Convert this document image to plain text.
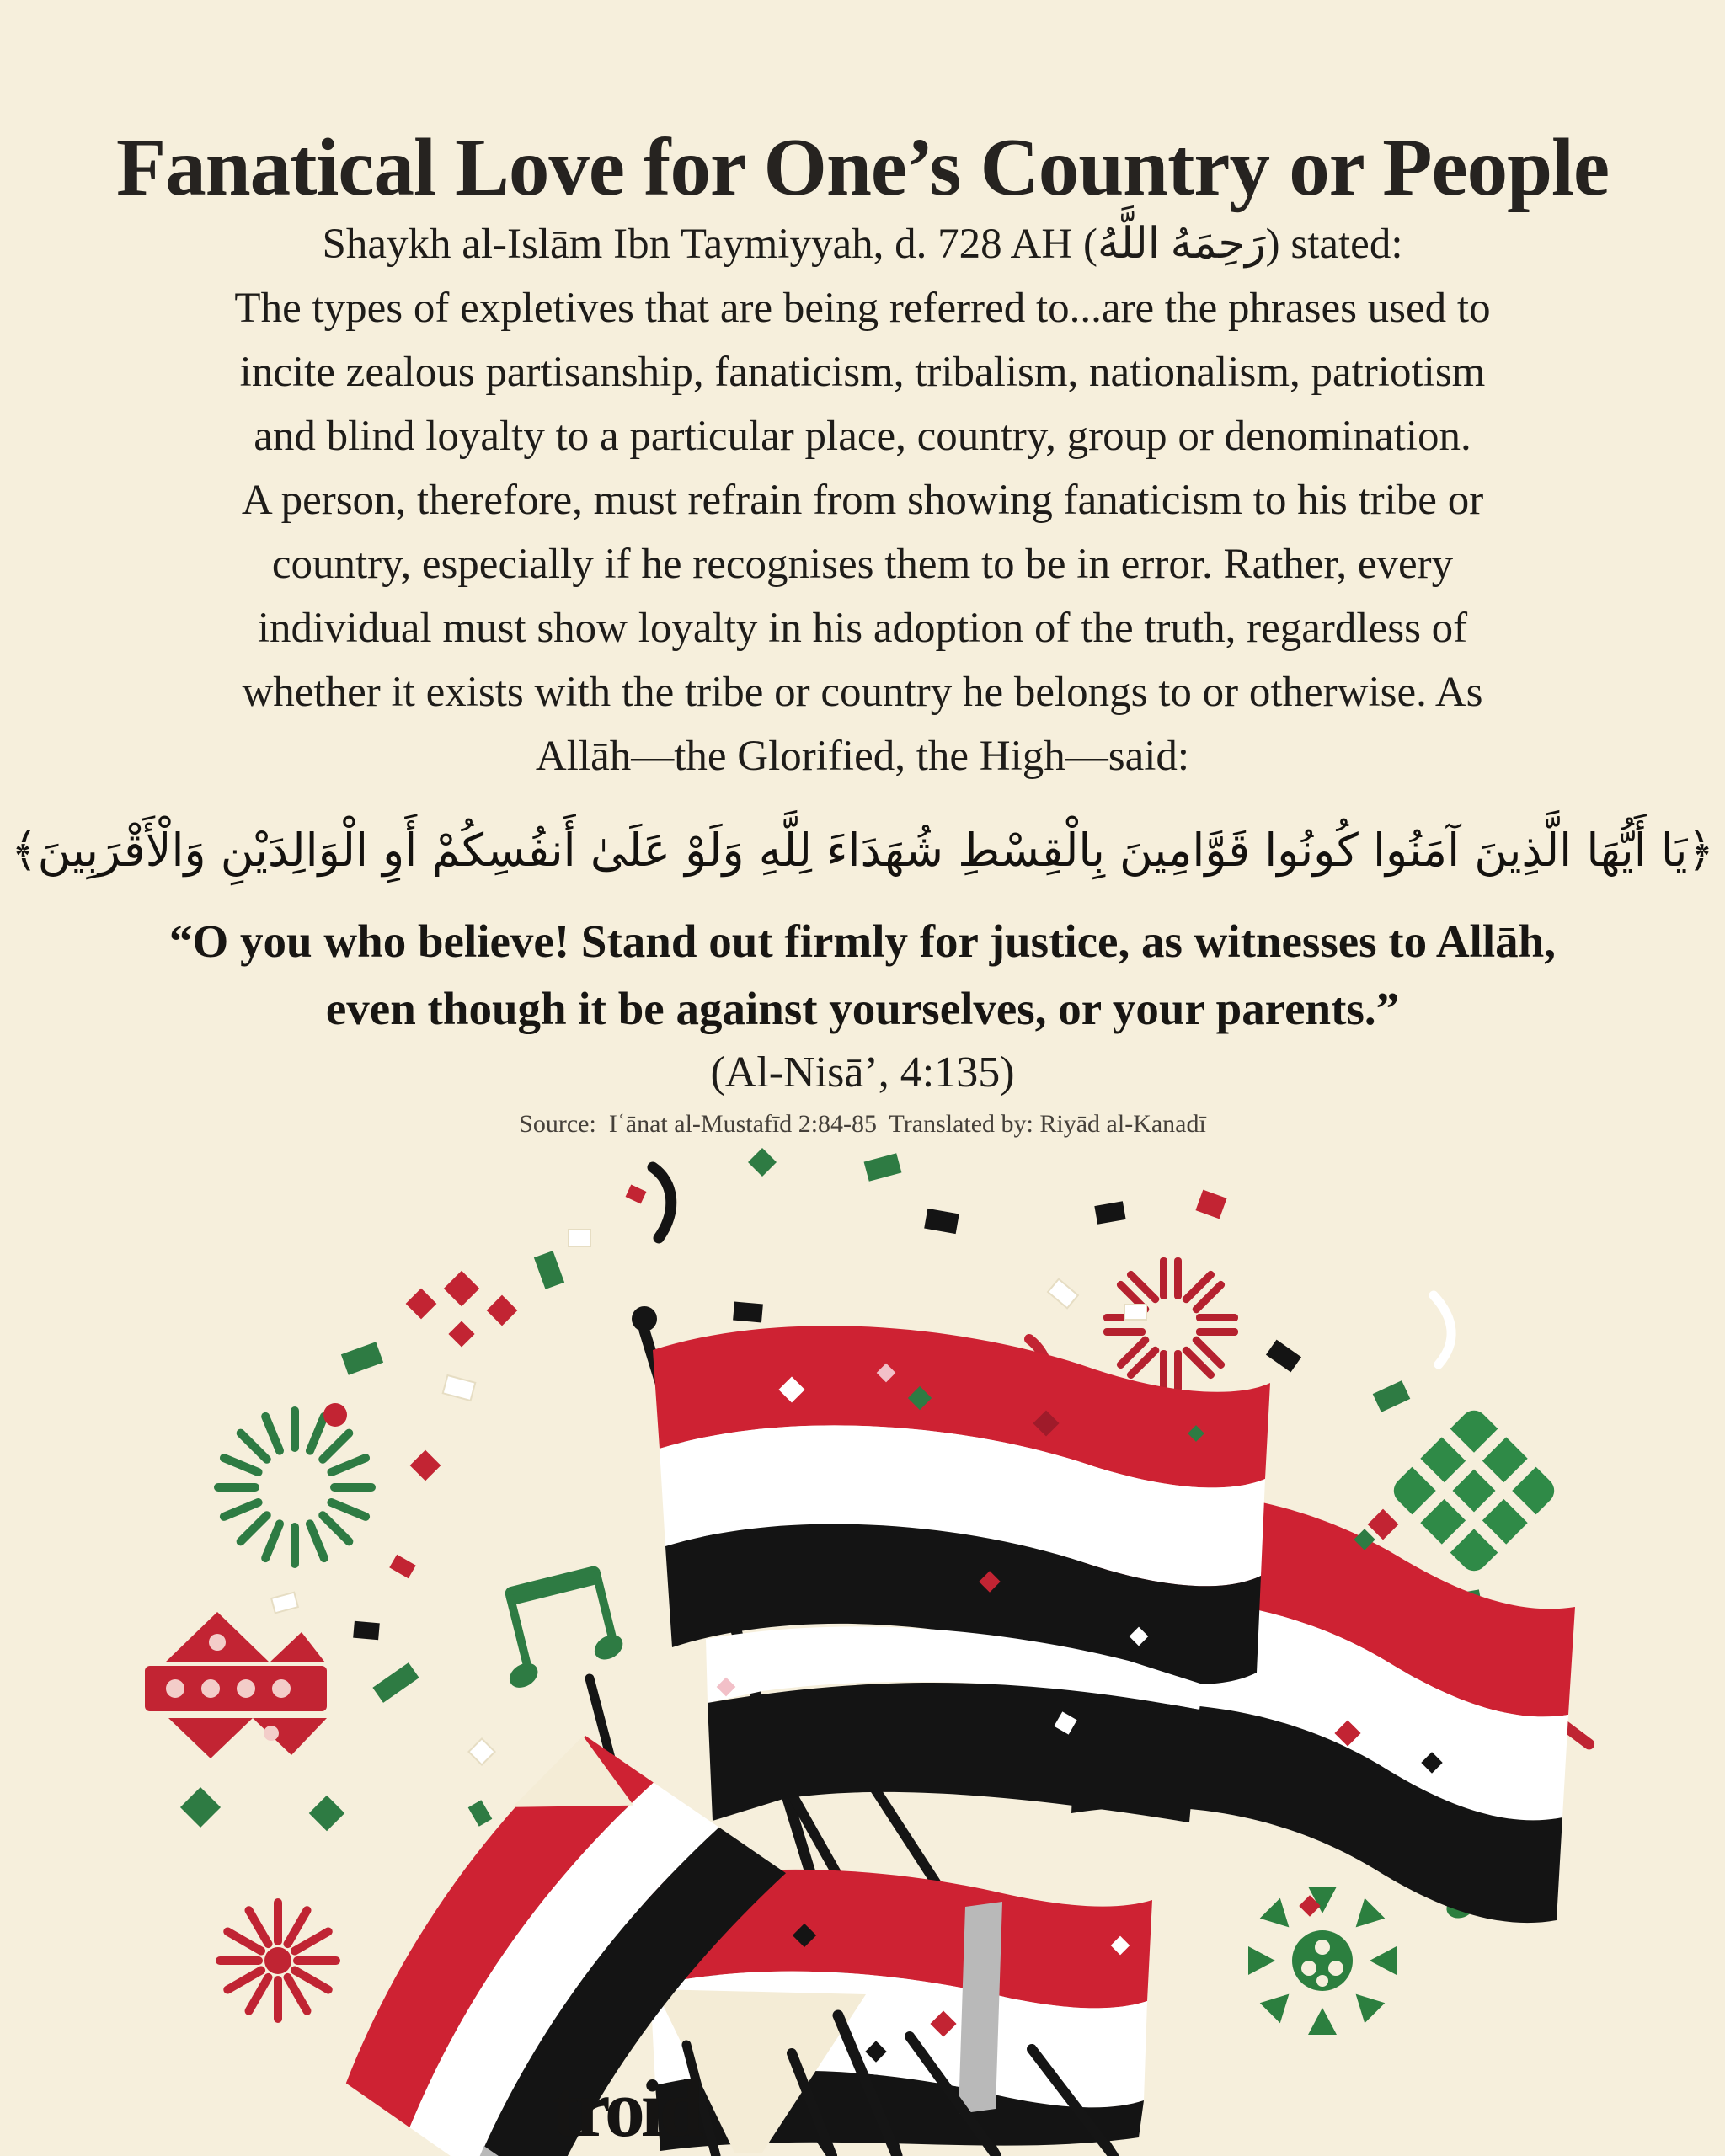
Fanatical Love for One’s Country or People
Shaykh al-Islām Ibn Taymiyyah, d. 728 AH (رَحِمَهُ اللَّهُ) stated:
The types of expletives that are being referred to...are the phrases used to
incite zealous partisanship, fanaticism, tribalism, nationalism, patriotism
and blind loyalty to a particular place, country, group or denomination.
A person, therefore, must refrain from showing fanaticism to his tribe or
country, especially if he recognises them to be in error. Rather, every
individual must show loyalty in his adoption of the truth, regardless of
whether it exists with the tribe or country he belongs to or otherwise. As
Allāh—the Glorified, the High—said:
﴿يَا أَيُّهَا الَّذِينَ آمَنُوا كُونُوا قَوَّامِينَ بِالْقِسْطِ شُهَدَاءَ لِلَّهِ وَلَوْ عَلَىٰ أَنفُسِكُمْ أَوِ الْوَالِدَيْنِ وَالْأَقْرَبِينَ﴾
“O you who believe! Stand out firmly for justice, as witnesses to Allāh,
even though it be against yourselves, or your parents.”
(Al-Nisā’, 4:135)
Source:  Iʿānat al-Mustafīd 2:84-85  Translated by: Riyād al-Kanadī
troid
